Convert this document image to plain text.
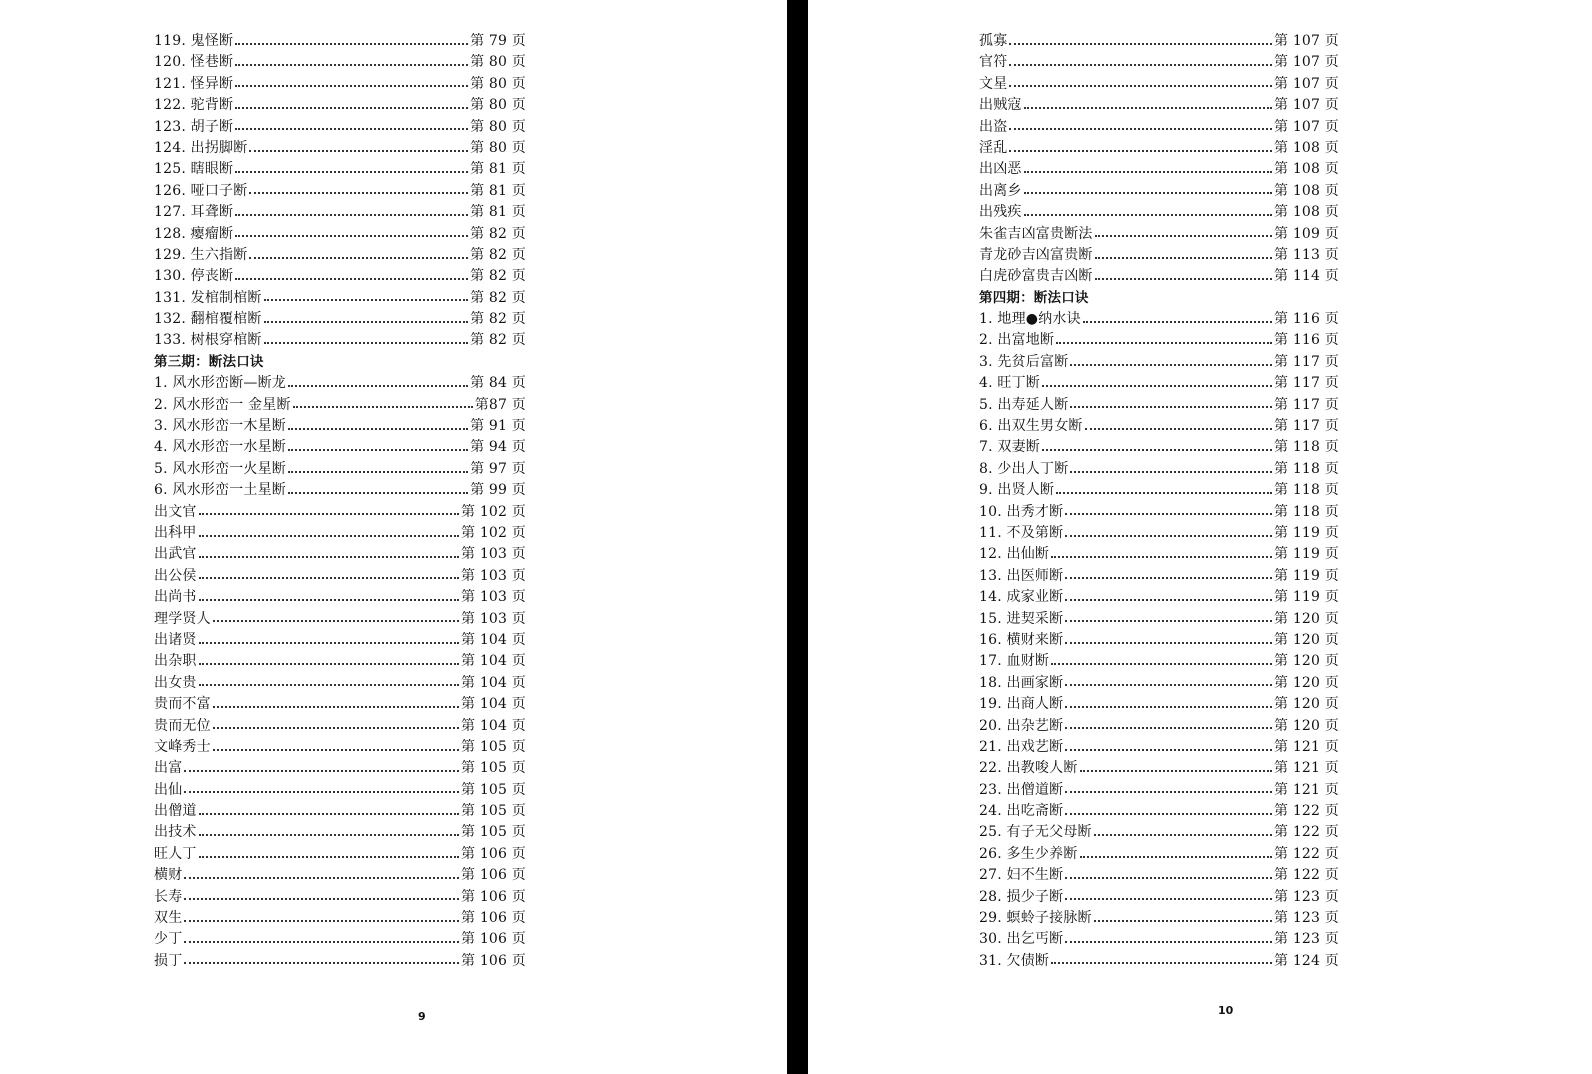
119. 鬼怪断	第 79 页
120. 怪巷断	第 80 页
121. 怪异断	第 80 页
122. 驼背断	第 80 页
123. 胡子断	第 80 页
124. 出拐脚断	第 80 页
125. 瞎眼断	第 81 页
126. 哑口子断	第 81 页
127. 耳聋断	第 81 页
128. 瘿瘤断	第 82 页
129. 生六指断	第 82 页
130. 停丧断	第 82 页
131. 发棺制棺断	第 82 页
132. 翻棺覆棺断	第 82 页
133. 树根穿棺断	第 82 页
第三期：断法口诀
1. 风水形峦断—断龙	第 84 页
2. 风水形峦一 金星断	第87 页
3. 风水形峦一木星断	第 91 页
4. 风水形峦一水星断	第 94 页
5. 风水形峦一火星断	第 97 页
6. 风水形峦一土星断	第 99 页
出文官	第 102 页
出科甲	第 102 页
出武官	第 103 页
出公侯	第 103 页
出尚书	第 103 页
理学贤人	第 103 页
出诸贤	第 104 页
出杂职	第 104 页
出女贵	第 104 页
贵而不富	第 104 页
贵而无位	第 104 页
文峰秀士	第 105 页
出富	第 105 页
出仙	第 105 页
出僧道	第 105 页
出技术	第 105 页
旺人丁	第 106 页
横财	第 106 页
长寿	第 106 页
双生	第 106 页
少丁	第 106 页
损丁	第 106 页
9
孤寡	第 107 页
官符	第 107 页
文星	第 107 页
出贼寇	第 107 页
出盗	第 107 页
淫乱	第 108 页
出凶恶	第 108 页
出离乡	第 108 页
出残疾	第 108 页
朱雀吉凶富贵断法	第 109 页
青龙砂吉凶富贵断	第 113 页
白虎砂富贵吉凶断	第 114 页
第四期：断法口诀
1. 地理●纳水诀	第 116 页
2. 出富地断	第 116 页
3. 先贫后富断	第 117 页
4. 旺丁断	第 117 页
5. 出寿延人断	第 117 页
6. 出双生男女断	第 117 页
7. 双妻断	第 118 页
8. 少出人丁断	第 118 页
9. 出贤人断	第 118 页
10. 出秀才断	第 118 页
11. 不及第断	第 119 页
12. 出仙断	第 119 页
13. 出医师断	第 119 页
14. 成家业断	第 119 页
15. 进契采断	第 120 页
16. 横财来断	第 120 页
17. 血财断	第 120 页
18. 出画家断	第 120 页
19. 出商人断	第 120 页
20. 出杂艺断	第 120 页
21. 出戏艺断	第 121 页
22. 出教唆人断	第 121 页
23. 出僧道断	第 121 页
24. 出吃斋断	第 122 页
25. 有子无父母断	第 122 页
26. 多生少养断	第 122 页
27. 妇不生断	第 122 页
28. 损少子断	第 123 页
29. 螟蛉子接脉断	第 123 页
30. 出乞丐断	第 123 页
31. 欠债断	第 124 页
10
